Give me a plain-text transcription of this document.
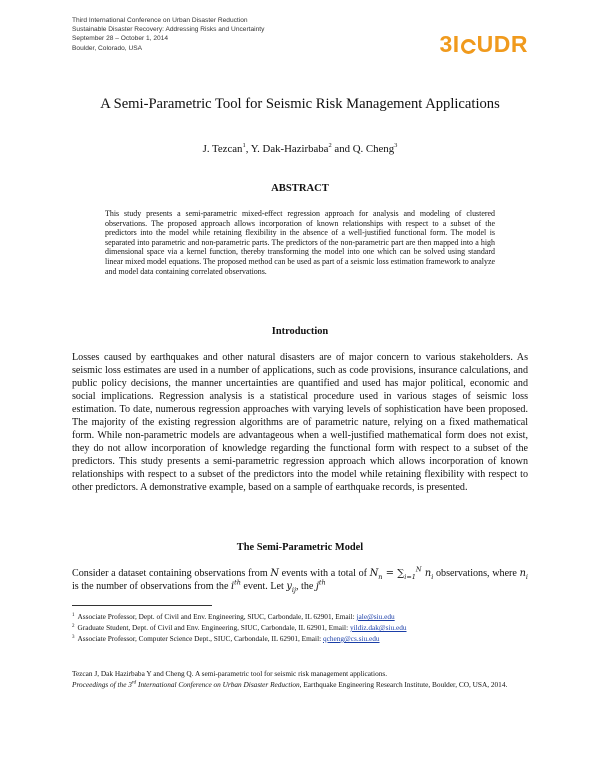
Third International Conference on Urban Disaster Reduction
Sustainable Disaster Recovery: Addressing Risks and Uncertainty
September 28 – October 1, 2014
Boulder, Colorado, USA	3I UDR
A Semi-Parametric Tool for Seismic Risk Management Applications
J. Tezcan$^1$, Y. Dak-Hazirbaba$^2$ and Q. Cheng$^3$
ABSTRACT
This study presents a semi-parametric mixed-effect regression approach for analysis and modeling of clustered observations. The proposed approach allows incorporation of known relationships with respect to a subset of the predictors into the model while retaining flexibility in the absence of a well-justified functional form. The model is separated into parametric and non-parametric parts. The predictors of the non-parametric part are then mapped into a high dimensional space via a kernel function, thereby transforming the model into one which can be solved using standard linear mixed model equations. The proposed method can be used as part of a seismic loss estimation framework to analyze and model data containing correlated observations.
Introduction
Losses caused by earthquakes and other natural disasters are of major concern to various stakeholders. As seismic loss estimates are used in a number of applications, such as code provisions, insurance calculations, and public policy decisions, the manner uncertainties are quantified and used has major political, economic and social implications. Regression analysis is a statistical procedure used in various stages of seismic loss estimation. To date, numerous regression approaches with varying levels of sophistication have been proposed. The majority of the existing regression algorithms are of parametric nature, relying on a fixed mathematical form. While non-parametric models are advantageous when a well-justified mathematical form does not exist, they do not allow incorporation of knowledge regarding the functional form with respect to a subset of the predictors. This study presents a semi-parametric regression approach which allows incorporation of known relationships with respect to a subset of the predictors into the model while retaining flexibility with respect to other predictors. A demonstrative example, based on a sample of earthquake records, is presented.
The Semi-Parametric Model
Consider a dataset containing observations from N events with a total of $N_n = \sum_{i=1}^N$ $n_i$ observations, where $n_i$ is the number of observations from the $i^{th}$ event. Let $y_{ij}$, the $j^{th}$
$^1$ Associate Professor, Dept. of Civil and Env. Engineering, SIUC, Carbondale, IL 62901, Email: jale@siu.edu
$^2$ Graduate Student, Dept. of Civil and Env. Engineering, SIUC, Carbondale, IL 62901, Email: yildiz.dak@siu.edu
$^3$ Associate Professor, Computer Science Dept., SIUC, Carbondale, IL 62901, Email: qcheng@cs.siu.edu
Tezcan J, Dak Hazirbaba Y and Cheng Q. A semi-parametric tool for seismic risk management applications.
Proceedings of the 3rd International Conference on Urban Disaster Reduction, Earthquake Engineering Research Institute, Boulder, CO, USA, 2014.
